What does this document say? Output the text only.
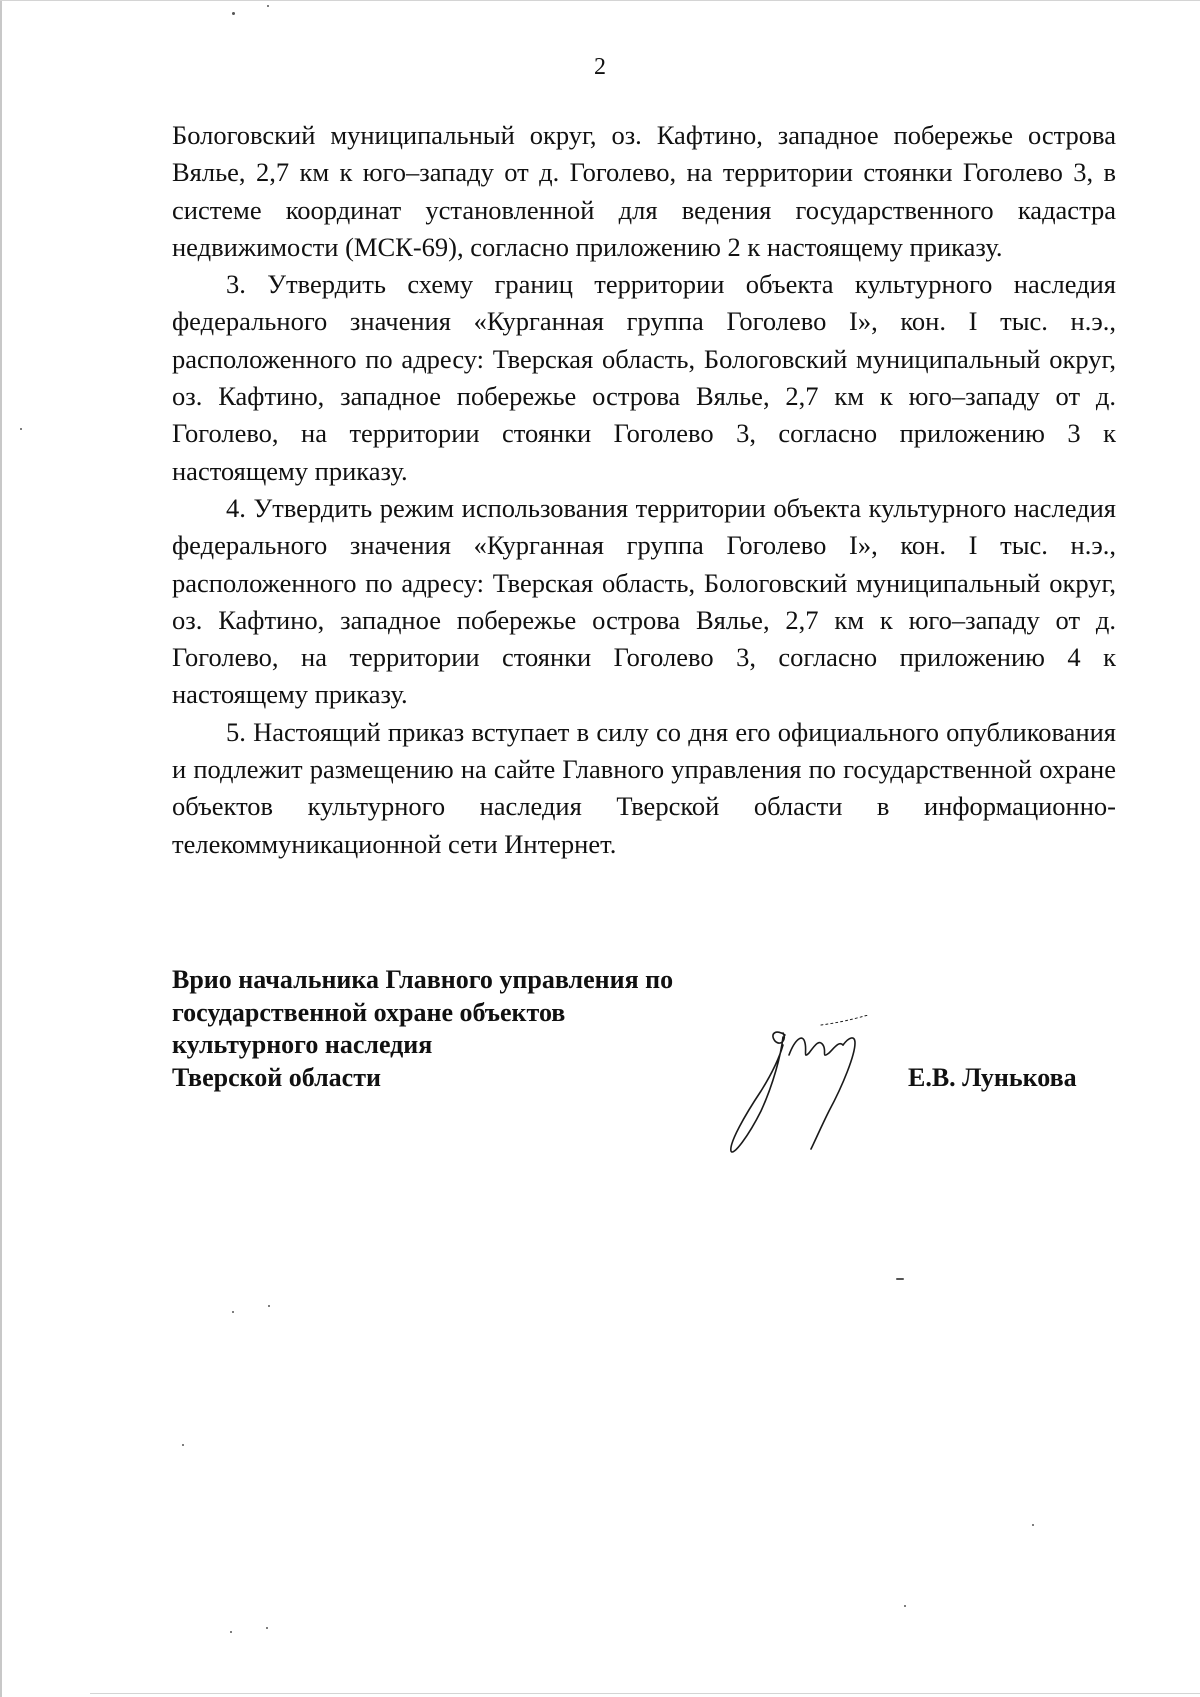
2

Бологовский муниципальный округ, оз. Кафтино, западное побережье острова Вялье, 2,7 км к юго–западу от д. Гоголево, на территории стоянки Гоголево 3, в системе координат установленной для ведения государственного кадастра недвижимости (МСК-69), согласно приложению 2 к настоящему приказу.

3. Утвердить схему границ территории объекта культурного наследия федерального значения «Курганная группа Гоголево I», кон. I тыс. н.э., расположенного по адресу: Тверская область, Бологовский муниципальный округ, оз. Кафтино, западное побережье острова Вялье, 2,7 км к юго–западу от д. Гоголево, на территории стоянки Гоголево 3, согласно приложению 3 к настоящему приказу.

4. Утвердить режим использования территории объекта культурного наследия федерального значения «Курганная группа Гоголево I», кон. I тыс. н.э., расположенного по адресу: Тверская область, Бологовский муниципальный округ, оз. Кафтино, западное побережье острова Вялье, 2,7 км к юго–западу от д. Гоголево, на территории стоянки Гоголево 3, согласно приложению 4 к настоящему приказу.

5. Настоящий приказ вступает в силу со дня его официального опубликования и подлежит размещению на сайте Главного управления по государственной охране объектов культурного наследия Тверской области в информационно-телекоммуникационной сети Интернет.

Врио начальника Главного управления по
государственной охране объектов
культурного наследия
Тверской области	Е.В. Лунькова
